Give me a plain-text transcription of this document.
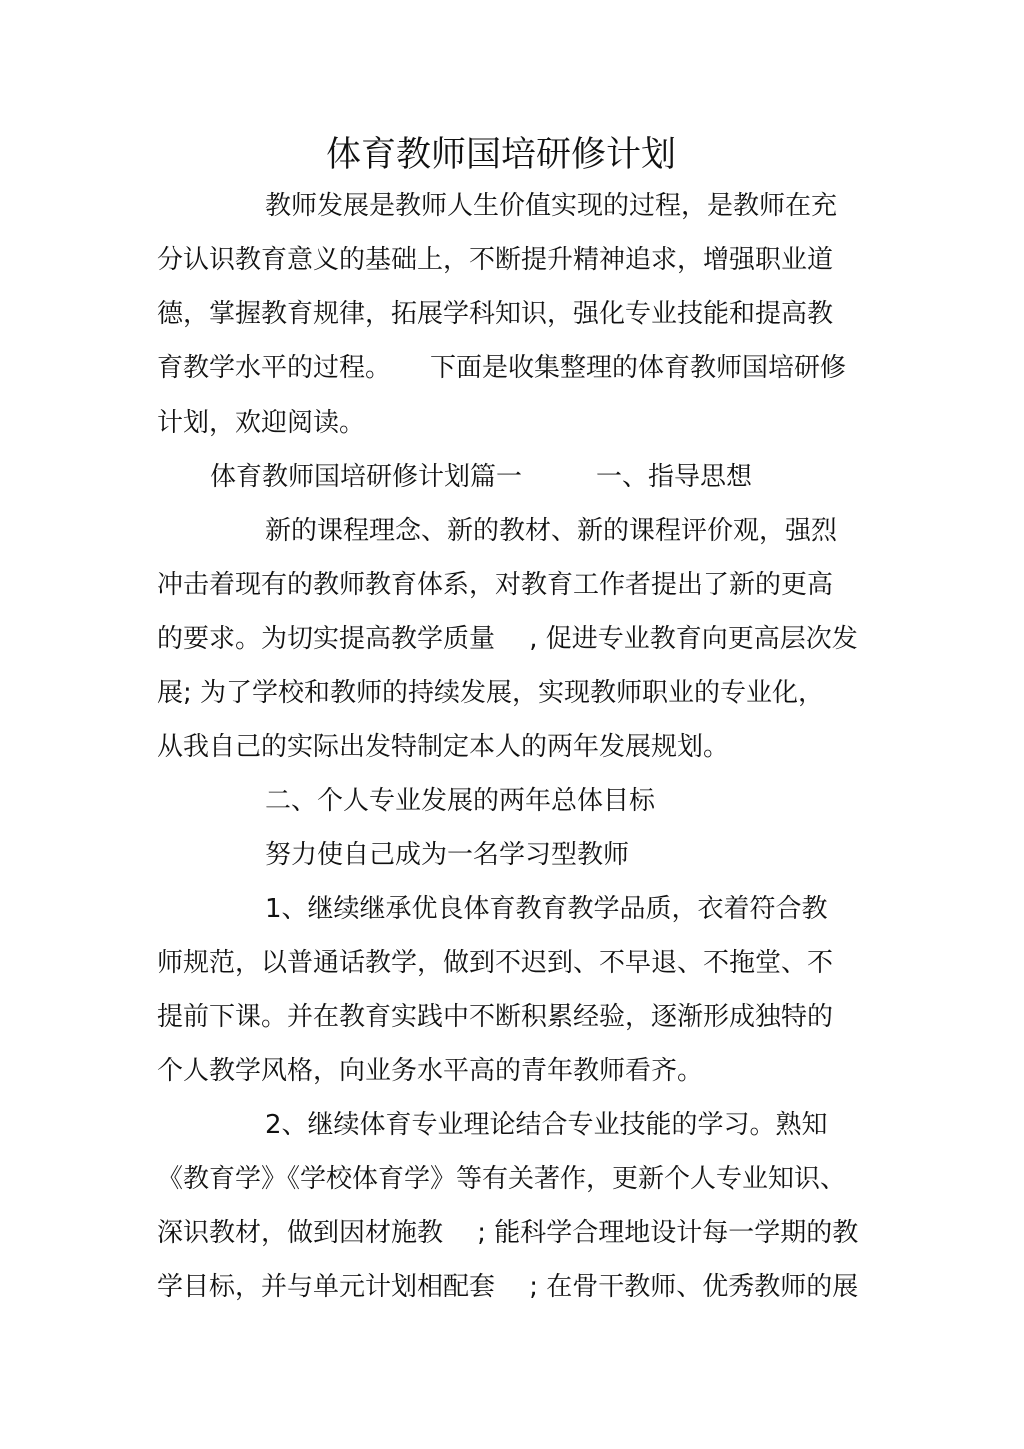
体育教师国培研修计划
教师发展是教师人生价值实现的过程，是教师在充
分认识教育意义的基础上，不断提升精神追求，增强职业道
德，掌握教育规律，拓展学科知识，强化专业技能和提高教
育教学水平的过程。　　下面是收集整理的体育教师国培研修
计划，欢迎阅读。
体育教师国培研修计划篇一	一、指导思想
新的课程理念、新的教材、新的课程评价观，强烈
冲击着现有的教师教育体系，对教育工作者提出了新的更高
的要求。为切实提高教学质量　 , 促进专业教育向更高层次发
展; 为了学校和教师的持续发展，实现教师职业的专业化，
从我自己的实际出发特制定本人的两年发展规划。
二、个人专业发展的两年总体目标
努力使自己成为一名学习型教师
1、继续继承优良体育教育教学品质，衣着符合教
师规范，以普通话教学，做到不迟到、不早退、不拖堂、不
提前下课。并在教育实践中不断积累经验，逐渐形成独特的
个人教学风格，向业务水平高的青年教师看齐。
2、继续体育专业理论结合专业技能的学习。熟知
《教育学》《学校体育学》等有关著作，更新个人专业知识、
深识教材，做到因材施教　 ; 能科学合理地设计每一学期的教
学目标，并与单元计划相配套　 ; 在骨干教师、优秀教师的展
